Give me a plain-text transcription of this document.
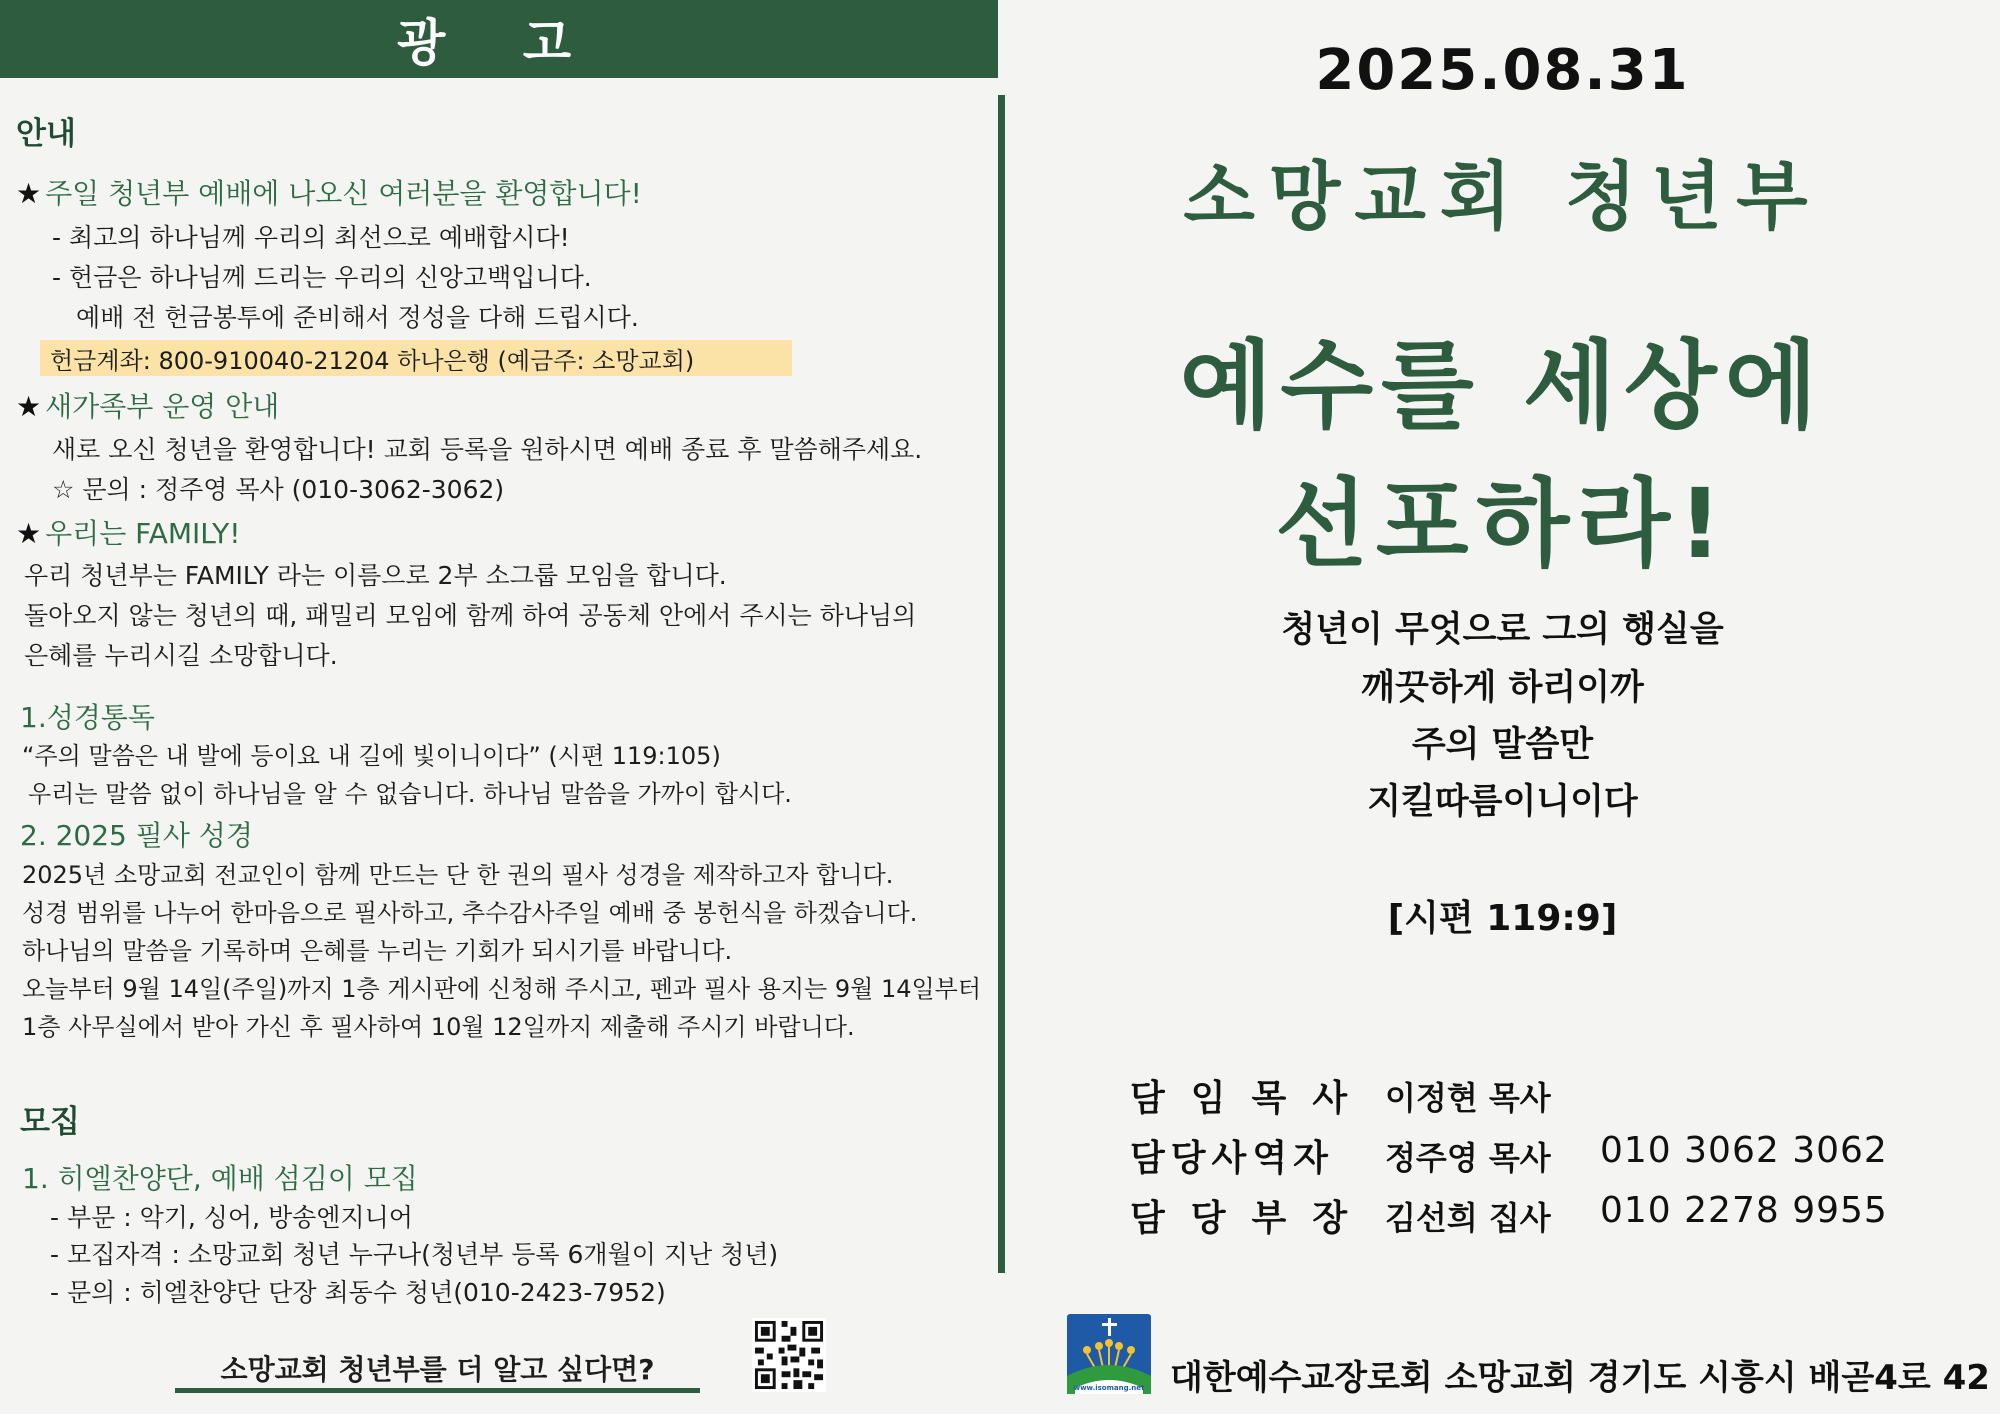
광 고
안내
★ 주일 청년부 예배에 나오신 여러분을 환영합니다!
- 최고의 하나님께 우리의 최선으로 예배합시다!
- 헌금은 하나님께 드리는 우리의 신앙고백입니다.
예배 전 헌금봉투에 준비해서 정성을 다해 드립시다.
헌금계좌: 800-910040-21204 하나은행 (예금주: 소망교회)
★ 새가족부 운영 안내
새로 오신 청년을 환영합니다! 교회 등록을 원하시면 예배 종료 후 말씀해주세요.
☆ 문의 : 정주영 목사 (010-3062-3062)
★ 우리는 FAMILY!
우리 청년부는 FAMILY 라는 이름으로 2부 소그룹 모임을 합니다.
돌아오지 않는 청년의 때, 패밀리 모임에 함께 하여 공동체 안에서 주시는 하나님의
은혜를 누리시길 소망합니다.
1.성경통독
“주의 말씀은 내 발에 등이요 내 길에 빛이니이다” (시편 119:105)
우리는 말씀 없이 하나님을 알 수 없습니다. 하나님 말씀을 가까이 합시다.
2. 2025 필사 성경
2025년 소망교회 전교인이 함께 만드는 단 한 권의 필사 성경을 제작하고자 합니다.
성경 범위를 나누어 한마음으로 필사하고, 추수감사주일 예배 중 봉헌식을 하겠습니다.
하나님의 말씀을 기록하며 은혜를 누리는 기회가 되시기를 바랍니다.
오늘부터 9월 14일(주일)까지 1층 게시판에 신청해 주시고, 펜과 필사 용지는 9월 14일부터
1층 사무실에서 받아 가신 후 필사하여 10월 12일까지 제출해 주시기 바랍니다.
모집
1. 히엘찬양단, 예배 섬김이 모집
- 부문 : 악기, 싱어, 방송엔지니어
- 모집자격 : 소망교회 청년 누구나(청년부 등록 6개월이 지난 청년)
- 문의 : 히엘찬양단 단장 최동수 청년(010-2423-7952)
소망교회 청년부를 더 알고 싶다면?
2025.08.31
소망교회 청년부
예수를 세상에
선포하라!
청년이 무엇으로 그의 행실을
깨끗하게 하리이까
주의 말씀만
지킬따름이니이다
[시편 119:9]
담임목사 이정현 목사
담당사역자 정주영 목사 010 3062 3062
담당부장 김선희 집사 010 2278 9955
www.isomang.net 대한예수교장로회 소망교회 경기도 시흥시 배곧4로 42
